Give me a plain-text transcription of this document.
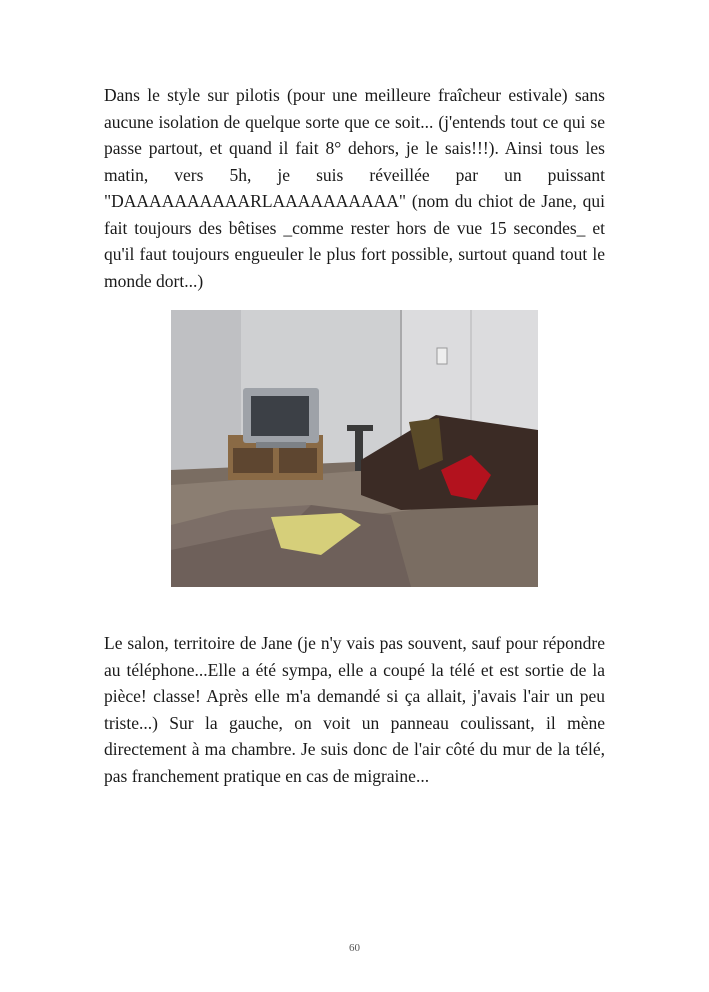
Dans le style sur pilotis (pour une meilleure fraîcheur estivale) sans aucune isolation de quelque sorte que ce soit... (j'entends tout ce qui se passe partout, et quand il fait 8° dehors, je le sais!!!). Ainsi tous les matin, vers 5h, je suis réveillée par un puissant "DAAAAAAAAAARLAAAAAAAAAA" (nom du chiot de Jane, qui fait toujours des bêtises _comme rester hors de vue 15 secondes_ et qu'il faut toujours engueuler le plus fort possible, surtout quand tout le monde dort...)

Le salon, territoire de Jane (je n'y vais pas souvent, sauf pour répondre au téléphone...Elle a été sympa, elle a coupé la télé et est sortie de la pièce! classe! Après elle m'a demandé si ça allait, j'avais l'air un peu triste...) Sur la gauche, on voit un panneau coulissant, il mène directement à ma chambre. Je suis donc de l'air côté du mur de la télé, pas franchement pratique en cas de migraine...

60
